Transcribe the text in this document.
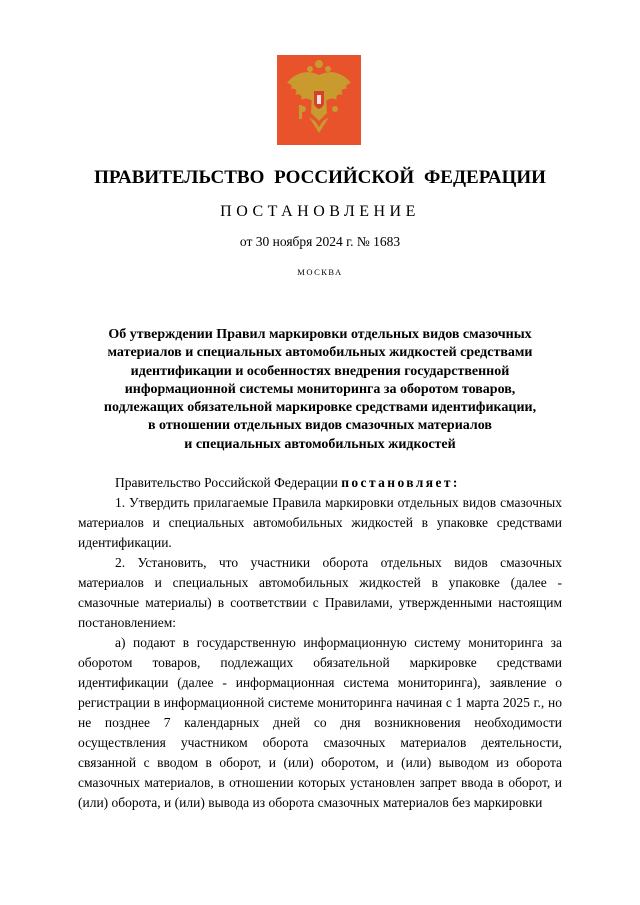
ПРАВИТЕЛЬСТВО РОССИЙСКОЙ ФЕДЕРАЦИИ
ПОСТАНОВЛЕНИЕ
от 30 ноября 2024 г. № 1683
МОСКВА
Об утверждении Правил маркировки отдельных видов смазочных
материалов и специальных автомобильных жидкостей средствами
идентификации и особенностях внедрения государственной
информационной системы мониторинга за оборотом товаров,
подлежащих обязательной маркировке средствами идентификации,
в отношении отдельных видов смазочных материалов
и специальных автомобильных жидкостей

Правительство Российской Федерации постановляет:

1. Утвердить прилагаемые Правила маркировки отдельных видов смазочных материалов и специальных автомобильных жидкостей в упаковке средствами идентификации.

2. Установить, что участники оборота отдельных видов смазочных материалов и специальных автомобильных жидкостей в упаковке (далее - смазочные материалы) в соответствии с Правилами, утвержденными настоящим постановлением:

а) подают в государственную информационную систему мониторинга за оборотом товаров, подлежащих обязательной маркировке средствами идентификации (далее - информационная система мониторинга), заявление о регистрации в информационной системе мониторинга начиная с 1 марта 2025 г., но не позднее 7 календарных дней со дня возникновения необходимости осуществления участником оборота смазочных материалов деятельности, связанной с вводом в оборот, и (или) оборотом, и (или) выводом из оборота смазочных материалов, в отношении которых установлен запрет ввода в оборот, и (или) оборота, и (или) вывода из оборота смазочных материалов без маркировки
